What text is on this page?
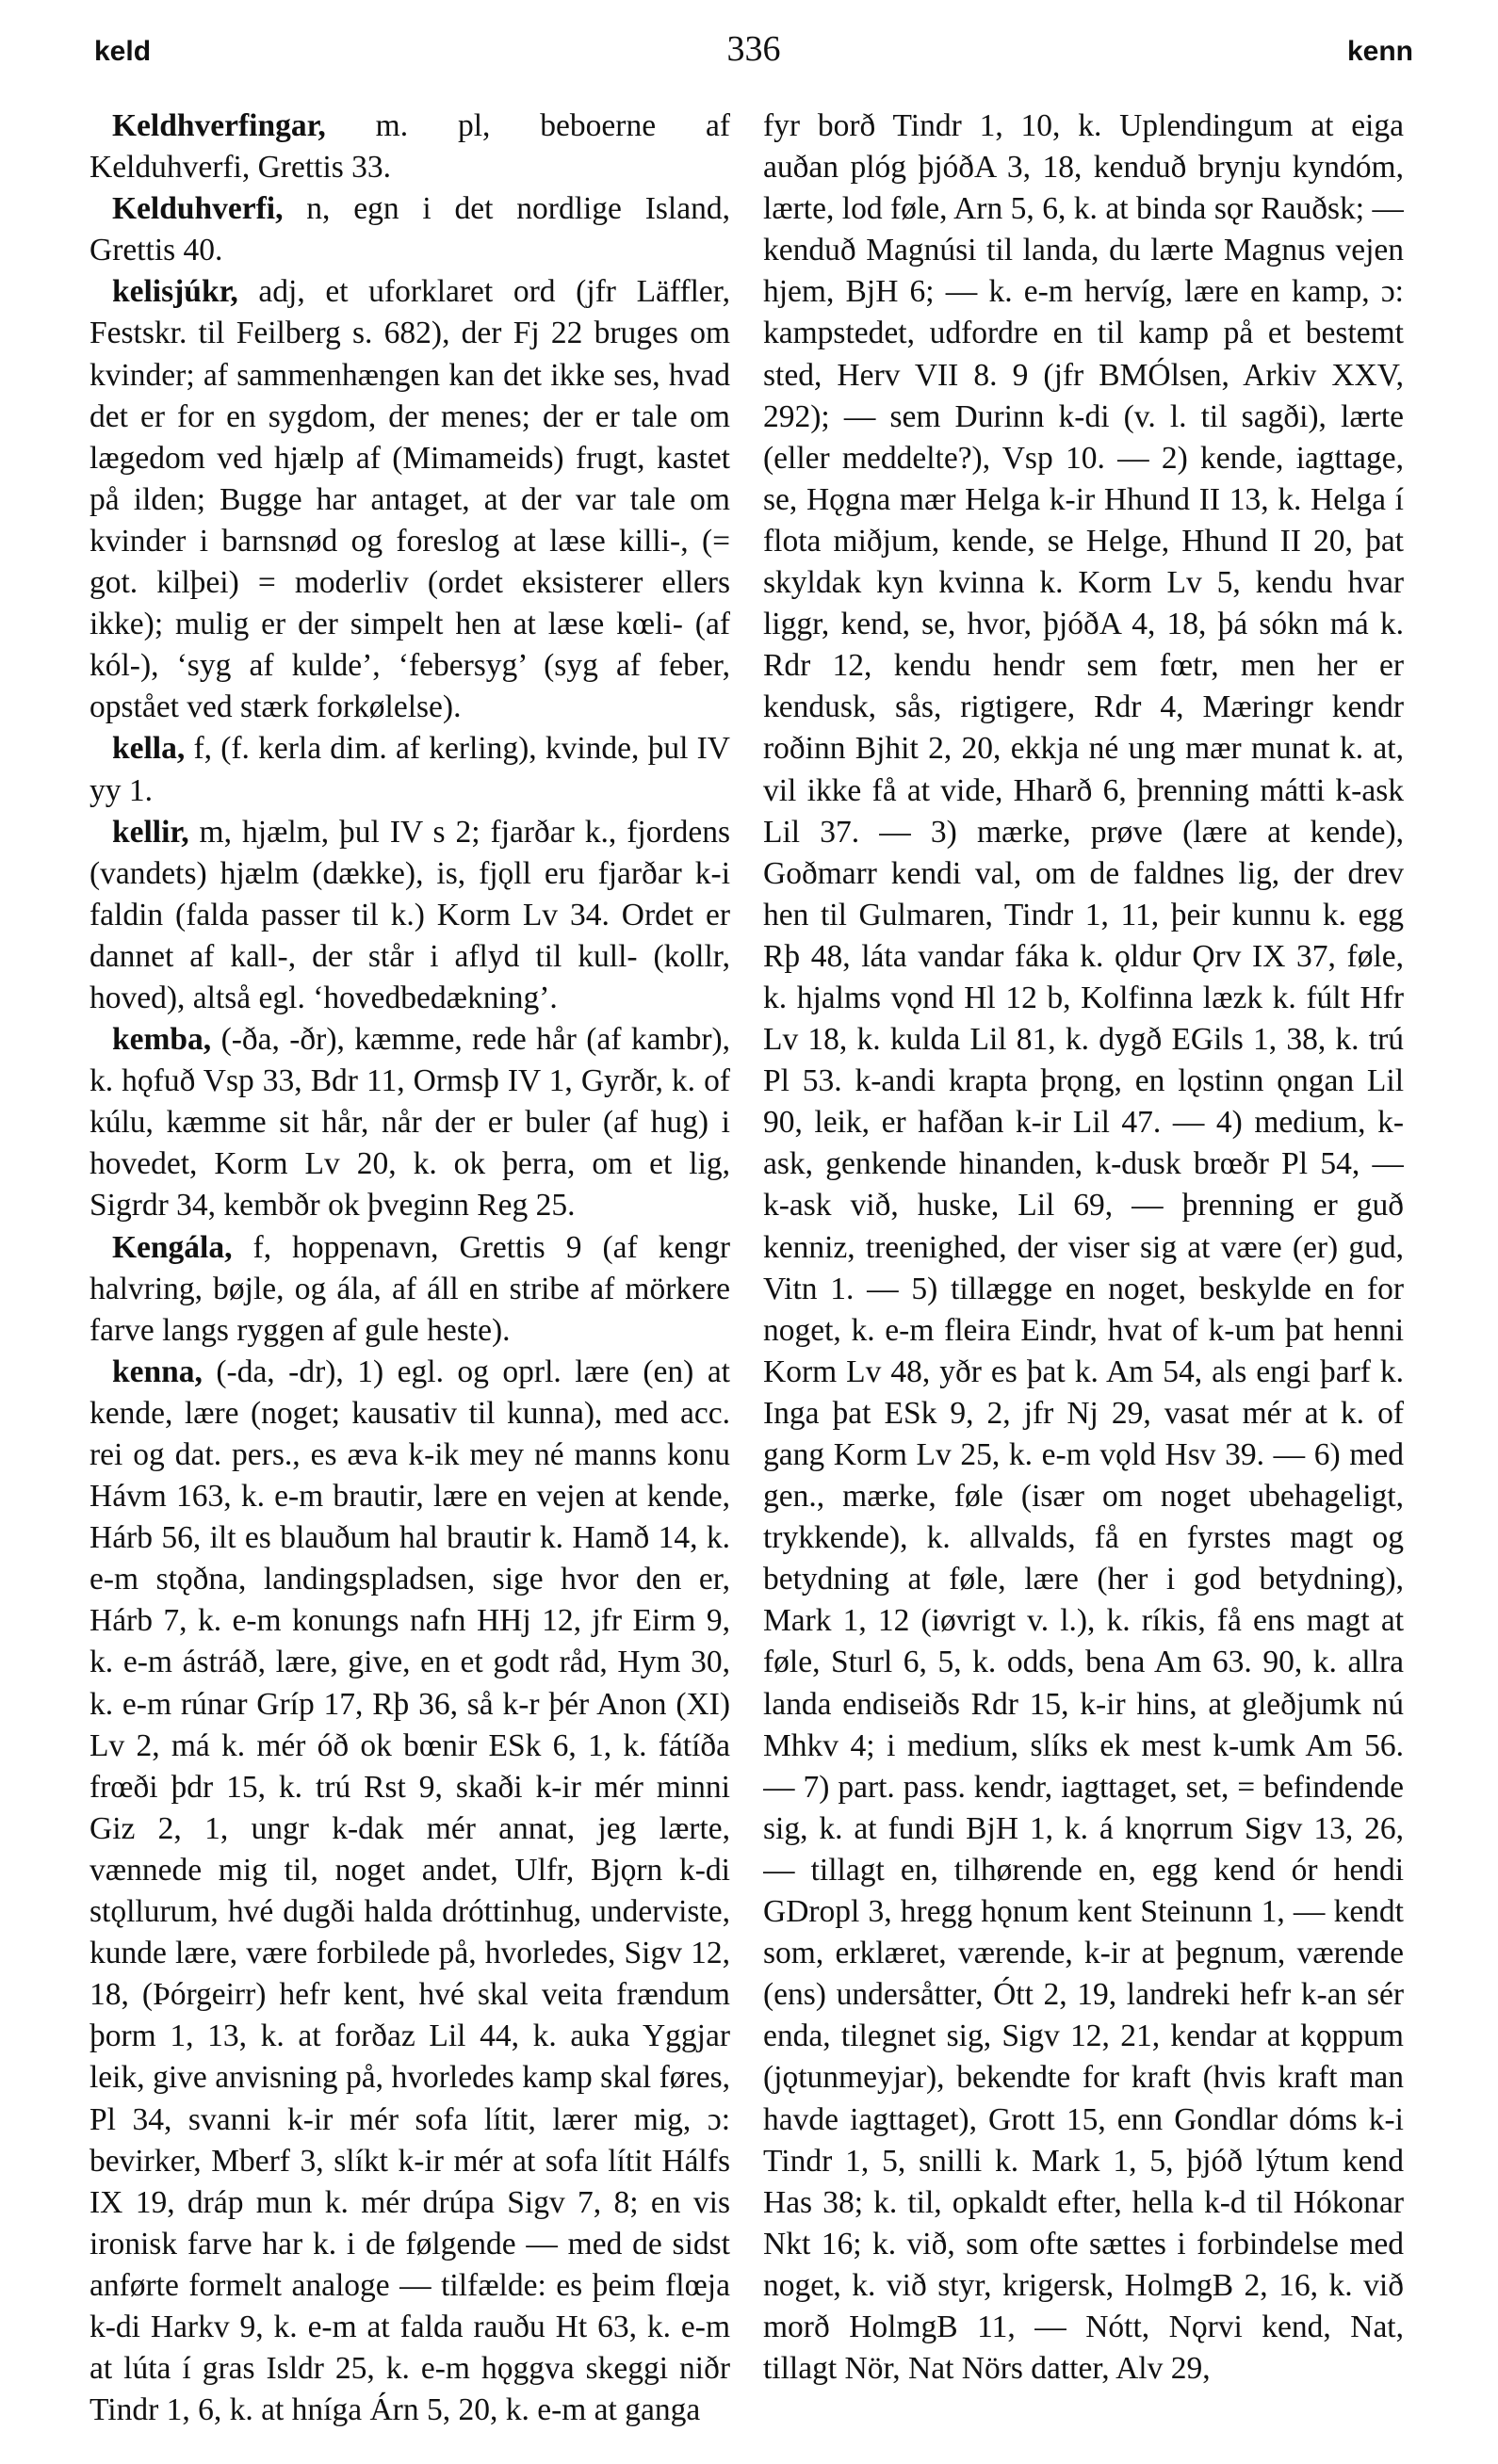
keld	336	kenn

Keldhverfingar, m. pl, beboerne af Kelduhverfi, Grettis 33.

Kelduhverfi, n, egn i det nordlige Island, Grettis 40.

kelisjúkr, adj, et uforklaret ord (jfr Läffler, Festskr. til Feilberg s. 682), der Fj 22 bruges om kvinder; af sammenhængen kan det ikke ses, hvad det er for en sygdom, der menes; der er tale om lægedom ved hjælp af (Mimameids) frugt, kastet på ilden; Bugge har antaget, at der var tale om kvinder i barnsnød og foreslog at læse killi-, (= got. kilþei) = moderliv (ordet eksisterer ellers ikke); mulig er der simpelt hen at læse kœli- (af kól-), ‘syg af kulde’, ‘febersyg’ (syg af feber, opstået ved stærk forkølelse).

kella, f, (f. kerla dim. af kerling), kvinde, þul IV yy 1.

kellir, m, hjælm, þul IV s 2; fjarðar k., fjordens (vandets) hjælm (dække), is, fjǫll eru fjarðar k-i faldin (falda passer til k.) Korm Lv 34. Ordet er dannet af kall-, der står i aflyd til kull- (kollr, hoved), altså egl. ‘hovedbedækning’.

kemba, (-ða, -ðr), kæmme, rede hår (af kambr), k. hǫfuð Vsp 33, Bdr 11, Ormsþ IV 1, Gyrðr, k. of kúlu, kæmme sit hår, når der er buler (af hug) i hovedet, Korm Lv 20, k. ok þerra, om et lig, Sigrdr 34, kembðr ok þveginn Reg 25.

Kengála, f, hoppenavn, Grettis 9 (af kengr halvring, bøjle, og ála, af áll en stribe af mörkere farve langs ryggen af gule heste).

kenna, (-da, -dr), 1) egl. og oprl. lære (en) at kende, lære (noget; kausativ til kunna), med acc. rei og dat. pers., es æva k-ik mey né manns konu Hávm 163, k. e-m brautir, lære en vejen at kende, Hárb 56, ilt es blauðum hal brautir k. Hamð 14, k. e-m stǫðna, landingspladsen, sige hvor den er, Hárb 7, k. e-m konungs nafn HHj 12, jfr Eirm 9, k. e-m ástráð, lære, give, en et godt råd, Hym 30, k. e-m rúnar Gríp 17, Rþ 36, så k-r þér Anon (XI) Lv 2, má k. mér óð ok bœnir ESk 6, 1, k. fátíða frœði þdr 15, k. trú Rst 9, skaði k-ir mér minni Giz 2, 1, ungr k-dak mér annat, jeg lærte, vænnede mig til, noget andet, Ulfr, Bjǫrn k-di stǫllurum, hvé dugði halda dróttinhug, underviste, kunde lære, være forbilede på, hvorledes, Sigv 12, 18, (Þórgeirr) hefr kent, hvé skal veita frændum þorm 1, 13, k. at forðaz Lil 44, k. auka Yggjar leik, give anvisning på, hvorledes kamp skal føres, Pl 34, svanni k-ir mér sofa lítit, lærer mig, ɔ: bevirker, Mberf 3, slíkt k-ir mér at sofa lítit Hálfs IX 19, dráp mun k. mér drúpa Sigv 7, 8; en vis ironisk farve har k. i de følgende — med de sidst anførte formelt analoge — tilfælde: es þeim flœja k-di Harkv 9, k. e-m at falda rauðu Ht 63, k. e-m at lúta í gras Isldr 25, k. e-m hǫggva skeggi niðr Tindr 1, 6, k. at hníga Árn 5, 20, k. e-m at ganga

fyr borð Tindr 1, 10, k. Uplendingum at eiga auðan plóg þjóðA 3, 18, kenduð brynju kyndóm, lærte, lod føle, Arn 5, 6, k. at binda sǫr Rauðsk; — kenduð Magnúsi til landa, du lærte Magnus vejen hjem, BjH 6; — k. e-m hervíg, lære en kamp, ɔ: kampstedet, udfordre en til kamp på et bestemt sted, Herv VII 8. 9 (jfr BMÓlsen, Arkiv XXV, 292); — sem Durinn k-di (v. l. til sagði), lærte (eller meddelte?), Vsp 10. — 2) kende, iagttage, se, Hǫgna mær Helga k-ir Hhund II 13, k. Helga í flota miðjum, kende, se Helge, Hhund II 20, þat skyldak kyn kvinna k. Korm Lv 5, kendu hvar liggr, kend, se, hvor, þjóðA 4, 18, þá sókn má k. Rdr 12, kendu hendr sem fœtr, men her er kendusk, sås, rigtigere, Rdr 4, Mæringr kendr roðinn Bjhit 2, 20, ekkja né ung mær munat k. at, vil ikke få at vide, Hharð 6, þrenning mátti k-ask Lil 37. — 3) mærke, prøve (lære at kende), Goðmarr kendi val, om de faldnes lig, der drev hen til Gulmaren, Tindr 1, 11, þeir kunnu k. egg Rþ 48, láta vandar fáka k. ǫldur Ǫrv IX 37, føle, k. hjalms vǫnd Hl 12 b, Kolfinna læzk k. fúlt Hfr Lv 18, k. kulda Lil 81, k. dygð EGils 1, 38, k. trú Pl 53. k-andi krapta þrǫng, en lǫstinn ǫngan Lil 90, leik, er hafðan k-ir Lil 47. — 4) medium, k-ask, genkende hinanden, k-dusk brœðr Pl 54, — k-ask við, huske, Lil 69, — þrenning er guð kenniz, treenighed, der viser sig at være (er) gud, Vitn 1. — 5) tillægge en noget, beskylde en for noget, k. e-m fleira Eindr, hvat of k-um þat henni Korm Lv 48, yðr es þat k. Am 54, als engi þarf k. Inga þat ESk 9, 2, jfr Nj 29, vasat mér at k. of gang Korm Lv 25, k. e-m vǫld Hsv 39. — 6) med gen., mærke, føle (især om noget ubehageligt, trykkende), k. allvalds, få en fyrstes magt og betydning at føle, lære (her i god betydning), Mark 1, 12 (iøvrigt v. l.), k. ríkis, få ens magt at føle, Sturl 6, 5, k. odds, bena Am 63. 90, k. allra landa endiseiðs Rdr 15, k-ir hins, at gleðjumk nú Mhkv 4; i medium, slíks ek mest k-umk Am 56. — 7) part. pass. kendr, iagttaget, set, = befindende sig, k. at fundi BjH 1, k. á knǫrrum Sigv 13, 26, — tillagt en, tilhørende en, egg kend ór hendi GDropl 3, hregg hǫnum kent Steinunn 1, — kendt som, erklæret, værende, k-ir at þegnum, værende (ens) undersåtter, Ótt 2, 19, landreki hefr k-an sér enda, tilegnet sig, Sigv 12, 21, kendar at kǫppum (jǫtunmeyjar), bekendte for kraft (hvis kraft man havde iagttaget), Grott 15, enn Gondlar dóms k-i Tindr 1, 5, snilli k. Mark 1, 5, þjóð lýtum kend Has 38; k. til, opkaldt efter, hella k-d til Hókonar Nkt 16; k. við, som ofte sættes i forbindelse med noget, k. við styr, krigersk, HolmgB 2, 16, k. við morð HolmgB 11, — Nótt, Nǫrvi kend, Nat, tillagt Nör, Nat Nörs datter, Alv 29,
